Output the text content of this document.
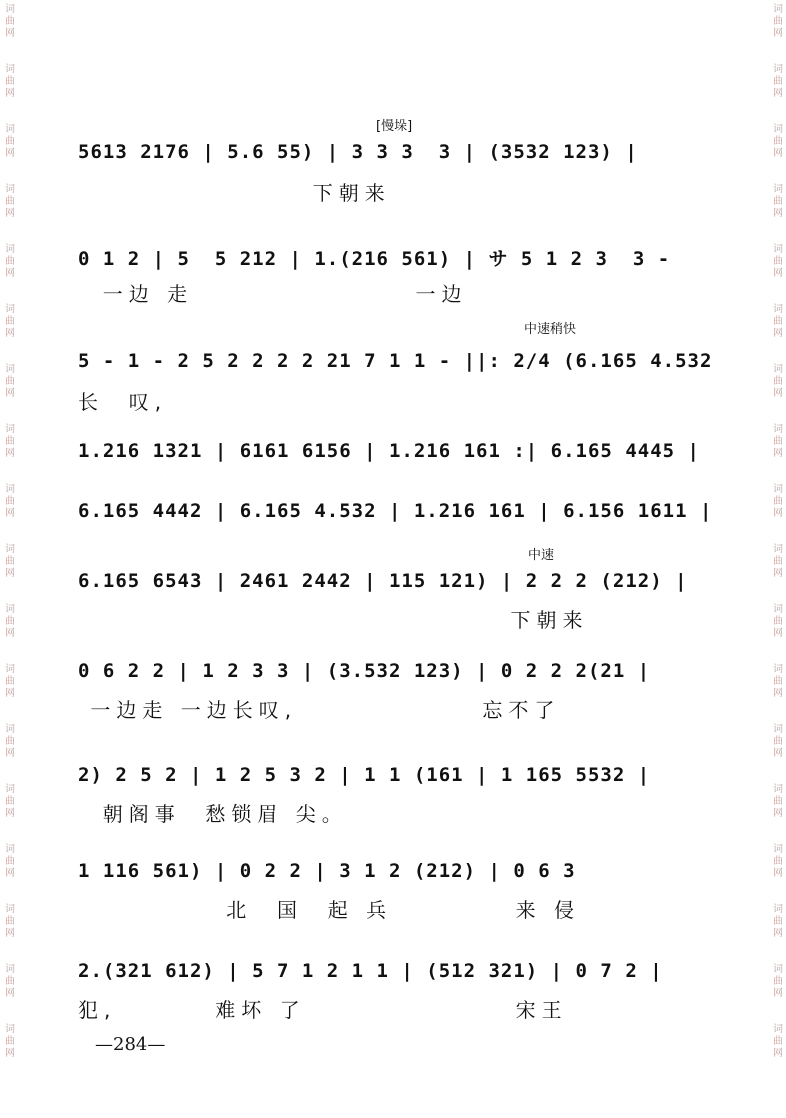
词
曲
网
词
曲
网
词
曲
网
词
曲
网
词
曲
网
词
曲
网
词
曲
网
词
曲
网
词
曲
网
词
曲
网
词
曲
网
词
曲
网
词
曲
网
词
曲
网
词
曲
网
词
曲
网
词
曲
网
词
曲
网
词
曲
网
词
曲
网
词
曲
网
词
曲
网
词
曲
网
词
曲
网
词
曲
网
词
曲
网
词
曲
网
词
曲
网
词
曲
网
词
曲
网
词
曲
网
词
曲
网
词
曲
网
词
曲
网
词
曲
网
词
曲
网
[慢垛]
5613 2176 | 5.6 55) | 3 3 3  3 | (3532 123) |
下朝来
0 1 2 | 5  5 212 | 1.(216 561) | サ 5 1 2 3  3 -
一边 走                  一边
中速稍快
5 - 1 - 2 5 2 2 2 2 21 7 1 1 - ||: 2/4 (6.165 4.532
长  叹,
1.216 1321 | 6161 6156 | 1.216 161 :| 6.165 4445 |
6.165 4442 | 6.165 4.532 | 1.216 161 | 6.156 1611 |
中速
6.165 6543 | 2461 2442 | 115 121) | 2 2 2 (212) |
下朝来
0 6 2 2 | 1 2 3 3 | (3.532 123) | 0 2 2 2(21 |
一边走 一边长叹,               忘不了
2) 2 5 2 | 1 2 5 3 2 | 1 1 (161 | 1 165 5532 |
朝阁事  愁锁眉 尖。
1 116 561) | 0 2 2 | 3 1 2 (212) | 0 6 3
北  国  起 兵          来 侵
2.(321 612) | 5 7 1 2 1 1 | (512 321) | 0 7 2 |
犯,        难坏 了                 宋王
—284—
